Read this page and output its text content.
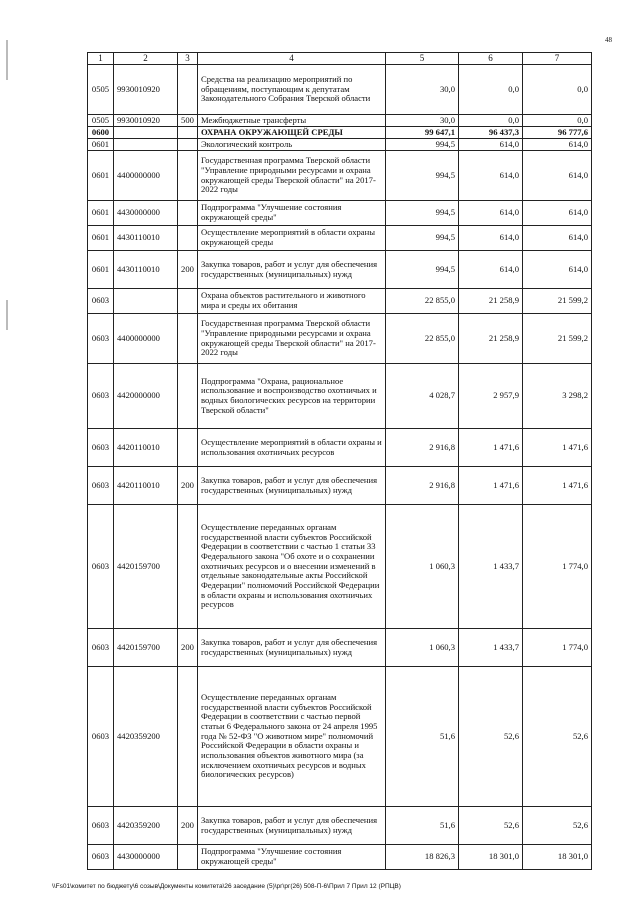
48
1	2	3	4	5	6	7
0505	9930010920		Средства на реализацию мероприятий по обращениям, поступающим к депутатам Законодательного Собрания Тверской области	30,0	0,0	0,0
0505	9930010920	500	Межбюджетные трансферты	30,0	0,0	0,0
0600			ОХРАНА ОКРУЖАЮЩЕЙ СРЕДЫ	99 647,1	96 437,3	96 777,6
0601			Экологический контроль	994,5	614,0	614,0
0601	4400000000		Государственная программа Тверской области "Управление природными ресурсами и охрана окружающей среды Тверской области" на 2017-2022 годы	994,5	614,0	614,0
0601	4430000000		Подпрограмма "Улучшение состояния окружающей среды"	994,5	614,0	614,0
0601	4430110010		Осуществление мероприятий в области охраны окружающей среды	994,5	614,0	614,0
0601	4430110010	200	Закупка товаров, работ и услуг для обеспечения государственных (муниципальных) нужд	994,5	614,0	614,0
0603			Охрана объектов растительного и животного мира и среды их обитания	22 855,0	21 258,9	21 599,2
0603	4400000000		Государственная программа Тверской области "Управление природными ресурсами и охрана окружающей среды Тверской области" на 2017-2022 годы	22 855,0	21 258,9	21 599,2
0603	4420000000		Подпрограмма "Охрана, рациональное использование и воспроизводство охотничьих и водных биологических ресурсов на территории Тверской области"	4 028,7	2 957,9	3 298,2
0603	4420110010		Осуществление мероприятий в области охраны и использования охотничьих ресурсов	2 916,8	1 471,6	1 471,6
0603	4420110010	200	Закупка товаров, работ и услуг для обеспечения государственных (муниципальных) нужд	2 916,8	1 471,6	1 471,6
0603	4420159700		Осуществление переданных органам государственной власти субъектов Российской Федерации в соответствии с частью 1 статьи 33 Федерального закона "Об охоте и о сохранении охотничьих ресурсов и о внесении изменений в отдельные законодательные акты Российской Федерации" полномочий Российской Федерации в области охраны и использования охотничьих ресурсов	1 060,3	1 433,7	1 774,0
0603	4420159700	200	Закупка товаров, работ и услуг для обеспечения государственных (муниципальных) нужд	1 060,3	1 433,7	1 774,0
0603	4420359200		Осуществление переданных органам государственной власти субъектов Российской Федерации в соответствии с частью первой статьи 6 Федерального закона от 24 апреля 1995 года № 52-ФЗ "О животном мире" полномочий Российской Федерации в области охраны и использования объектов животного мира (за исключением охотничьих ресурсов и водных биологических ресурсов)	51,6	52,6	52,6
0603	4420359200	200	Закупка товаров, работ и услуг для обеспечения государственных (муниципальных) нужд	51,6	52,6	52,6
0603	4430000000		Подпрограмма "Улучшение состояния окружающей среды"	18 826,3	18 301,0	18 301,0
\\Fs01\комитет по бюджету\6 созыв\Документы комитета\26 заседание (5)\рг\рг(26) 508-П-6\Прил 7 Прил 12 (РПЦВ)
